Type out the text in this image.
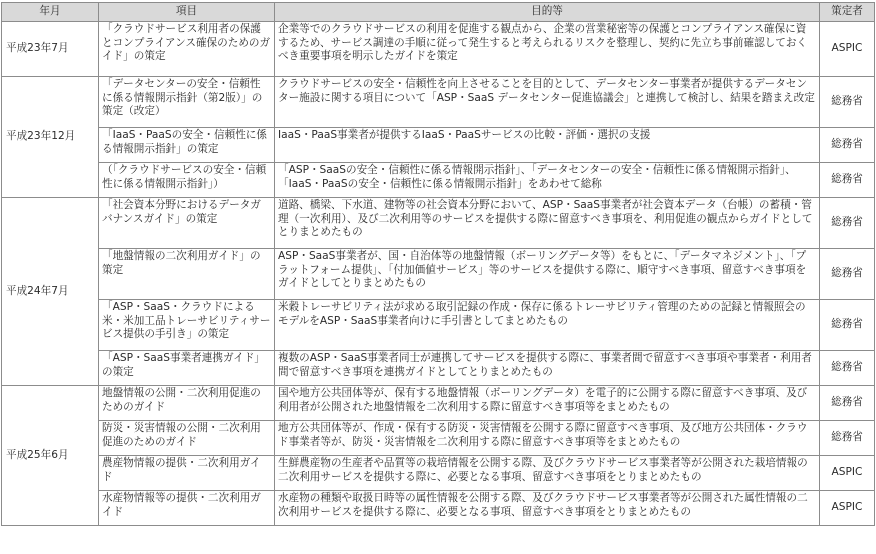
年月	項目	目的等	策定者
平成23年7月	「クラウドサービス利用者の保護とコンプライアンス確保のためのガイド」の策定	企業等でのクラウドサービスの利用を促進する観点から、企業の営業秘密等の保護とコンプライアンス確保に資するため、サービス調達の手順に従って発生すると考えられるリスクを整理し、契約に先立ち事前確認しておくべき重要事項を明示したガイドを策定	ASPIC
平成23年12月	「データセンターの安全・信頼性に係る情報開示指針（第2版）」の策定（改定）	クラウドサービスの安全・信頼性を向上させることを目的として、データセンター事業者が提供するデータセンター施設に関する項目について「ASP・SaaS データセンター促進協議会」と連携して検討し、結果を踏まえ改定	総務省
	「IaaS・PaaSの安全・信頼性に係る情報開示指針」の策定	IaaS・PaaS事業者が提供するIaaS・PaaSサービスの比較・評価・選択の支援	総務省
	（「クラウドサービスの安全・信頼性に係る情報開示指針」）	「ASP・SaaSの安全・信頼性に係る情報開示指針」、「データセンターの安全・信頼性に係る情報開示指針」、「IaaS・PaaSの安全・信頼性に係る情報開示指針」をあわせて総称	総務省
平成24年7月	「社会資本分野におけるデータガバナンスガイド」の策定	道路、橋梁、下水道、建物等の社会資本分野において、ASP・SaaS事業者が社会資本データ（台帳）の蓄積・管理（一次利用）、及び二次利用等のサービスを提供する際に留意すべき事項を、利用促進の観点からガイドとしてとりまとめたもの	総務省
	「地盤情報の二次利用ガイド」の策定	ASP・SaaS事業者が、国・自治体等の地盤情報（ボーリングデータ等）をもとに、「データマネジメント」、「プラットフォーム提供」、「付加価値サービス」等のサービスを提供する際に、順守すべき事項、留意すべき事項をガイドとしてとりまとめたもの	総務省
	「ASP・SaaS・クラウドによる米・米加工品トレーサビリティサービス提供の手引き」の策定	米穀トレーサビリティ法が求める取引記録の作成・保存に係るトレーサビリティ管理のための記録と情報照会のモデルをASP・SaaS事業者向けに手引書としてまとめたもの	総務省
	「ASP・SaaS事業者連携ガイド」の策定	複数のASP・SaaS事業者同士が連携してサービスを提供する際に、事業者間で留意すべき事項や事業者・利用者間で留意すべき事項を連携ガイドとしてとりまとめたもの	総務省
平成25年6月	地盤情報の公開・二次利用促進のためのガイド	国や地方公共団体等が、保有する地盤情報（ボーリングデータ）を電子的に公開する際に留意すべき事項、及び利用者が公開された地盤情報を二次利用する際に留意すべき事項等をまとめたもの	総務省
	防災・災害情報の公開・二次利用促進のためのガイド	地方公共団体等が、作成・保有する防災・災害情報を公開する際に留意すべき事項、及び地方公共団体・クラウド事業者等が、防災・災害情報を二次利用する際に留意すべき事項等をまとめたもの	総務省
	農産物情報の提供・二次利用ガイド	生鮮農産物の生産者や品質等の栽培情報を公開する際、及びクラウドサービス事業者等が公開された栽培情報の二次利用サービスを提供する際に、必要となる事項、留意すべき事項をとりまとめたもの	ASPIC
	水産物情報等の提供・二次利用ガイド	水産物の種類や取扱日時等の属性情報を公開する際、及びクラウドサービス事業者等が公開された属性情報の二次利用サービスを提供する際に、必要となる事項、留意すべき事項をとりまとめたもの	ASPIC
